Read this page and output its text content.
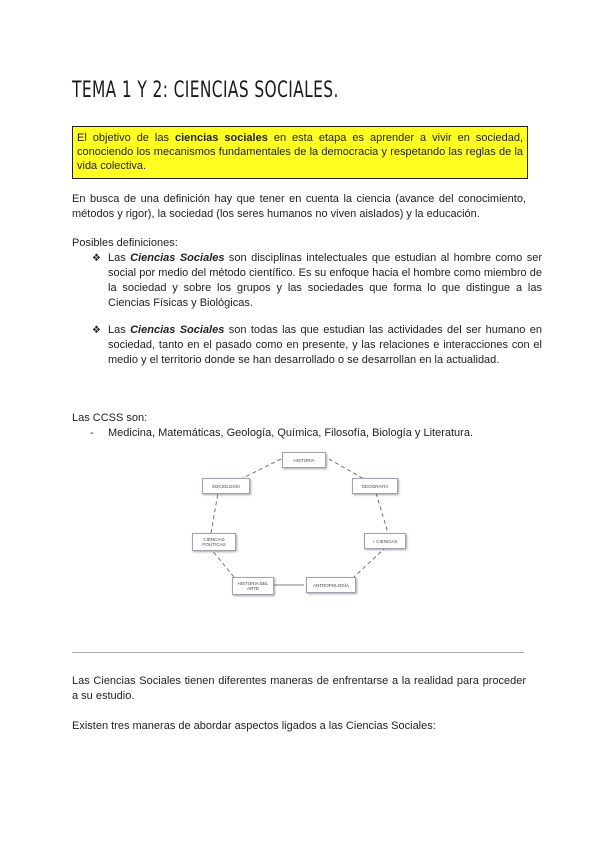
TEMA 1 Y 2: CIENCIAS SOCIALES.
El objetivo de las ciencias sociales en esta etapa es aprender a vivir en sociedad, conociendo los mecanismos fundamentales de la democracia y respetando las reglas de la vida colectiva.

En busca de una definición hay que tener en cuenta la ciencia (avance del conocimiento, métodos y rigor), la sociedad (los seres humanos no viven aislados) y la educación.

Posibles definiciones:

❖ Las Ciencias Sociales son disciplinas intelectuales que estudian al hombre como ser social por medio del método científico. Es su enfoque hacia el hombre como miembro de la sociedad y sobre los grupos y las sociedades que forma lo que distingue a las Ciencias Físicas y Biológicas.

❖ Las Ciencias Sociales son todas las que estudian las actividades del ser humano en sociedad, tanto en el pasado como en presente, y las relaciones e interacciones con el medio y el territorio donde se han desarrollado o se desarrollan en la actualidad.

Las CCSS son:

- Medicina, Matemáticas, Geología, Química, Filosofía, Biología y Literatura.

HISTORIA
GEOGRAFÍA
+ CIENCIAS
ANTROPOLOGÍA
HISTORIA DEL ARTE
CIENCIAS POLÍTICAS
SOCIOLOGÍA

Las Ciencias Sociales tienen diferentes maneras de enfrentarse a la realidad para proceder a su estudio.

Existen tres maneras de abordar aspectos ligados a las Ciencias Sociales:
